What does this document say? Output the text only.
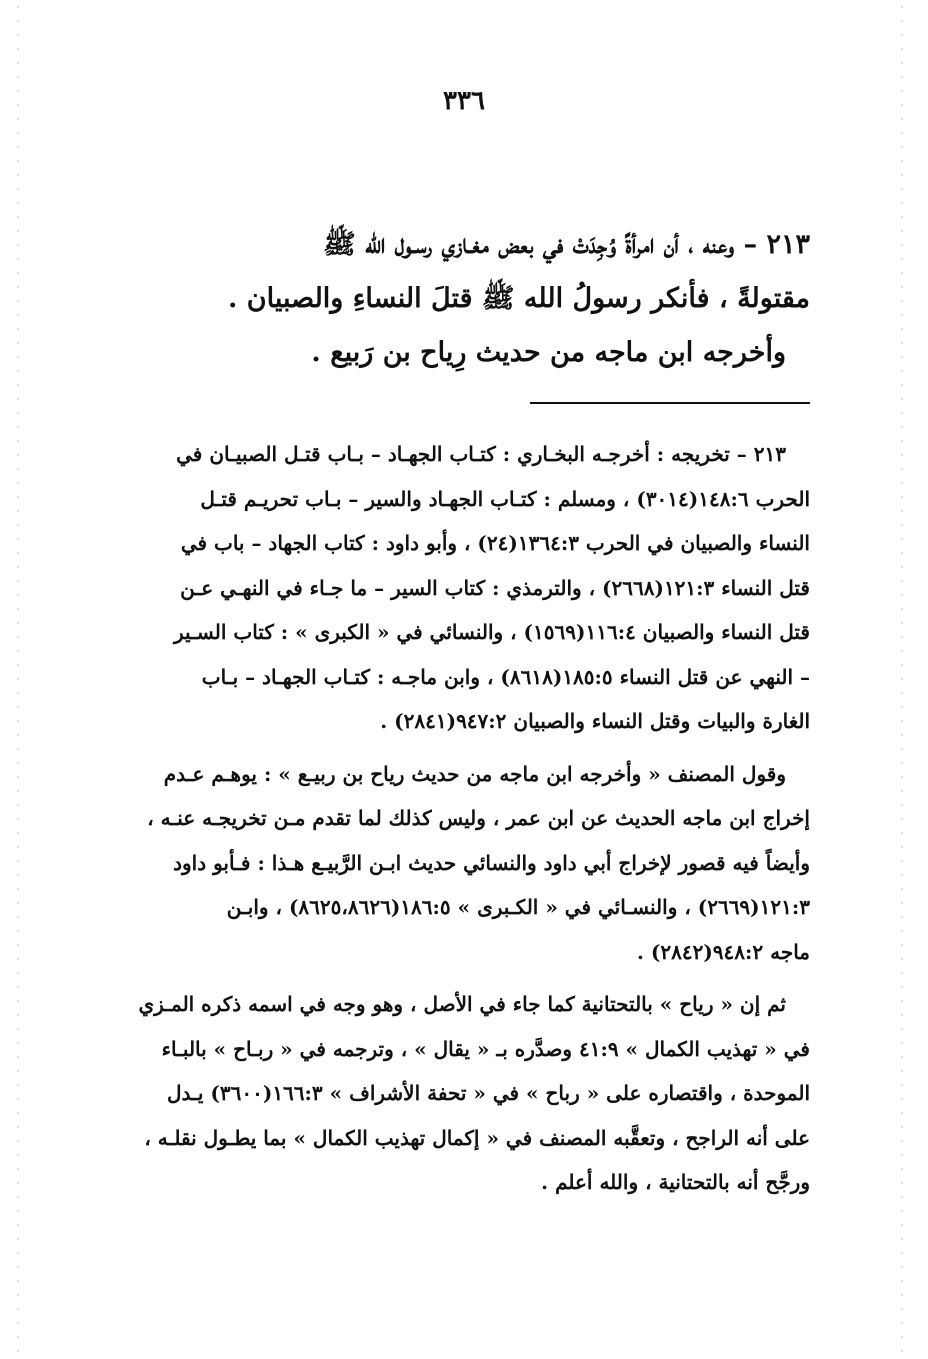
٣٣٦
٢١٣ – وعنه ، أن امرأةً وُجِدَتْ في بعض مغـازي رسـول الله ﷺ
مقتولةً ، فأنكر رسولُ الله ﷺ قتلَ النساءِ والصبيان .
وأخرجه ابن ماجه من حديث رِياح بن رَبيع .
٢١٣ – تخريجه : أخرجـه البخـاري : كتـاب الجهـاد – بـاب قتـل الصبيـان في
الحرب ١٤٨:٦(٣٠١٤) ، ومسلم : كتـاب الجهـاد والسير – بـاب تحريـم قتـل
النساء والصبيان في الحرب ١٣٦٤:٣(٢٤) ، وأبو داود : كتاب الجهاد – باب في
قتل النساء ١٢١:٣(٢٦٦٨) ، والترمذي : كتاب السير – ما جـاء في النهـي عـن
قتل النساء والصبيان ١١٦:٤(١٥٦٩) ، والنسائي في « الكبرى » : كتاب السـير
– النهي عن قتل النساء ١٨٥:٥(٨٦١٨) ، وابن ماجـه : كتـاب الجهـاد – بـاب
الغارة والبيات وقتل النساء والصبيان ٩٤٧:٢(٢٨٤١) .
وقول المصنف « وأخرجه ابن ماجه من حديث رياح بن ربيـع » : يوهـم عـدم
إخراج ابن ماجه الحديث عن ابن عمر ، وليس كذلك لما تقدم مـن تخريجـه عنـه ،
وأيضاً فيه قصور لإخراج أبي داود والنسائي حديث ابـن الرَّبيـع هـذا : فـأبو داود
١٢١:٣(٢٦٦٩) ، والنسـائي في « الكـبرى » ١٨٦:٥(٨٦٢٥،٨٦٢٦) ، وابـن
ماجه ٩٤٨:٢(٢٨٤٢) .
ثم إن « رياح » بالتحتانية كما جاء في الأصل ، وهو وجه في اسمه ذكره المـزي
في « تهذيب الكمال » ٤١:٩ وصدَّره بـ « يقال » ، وترجمه في « ربـاح » بالبـاء
الموحدة ، واقتصاره على « رباح » في « تحفة الأشراف » ١٦٦:٣(٣٦٠٠) يـدل
على أنه الراجح ، وتعقَّبه المصنف في « إكمال تهذيب الكمال » بما يطـول نقلـه ،
ورجَّح أنه بالتحتانية ، والله أعلم .
